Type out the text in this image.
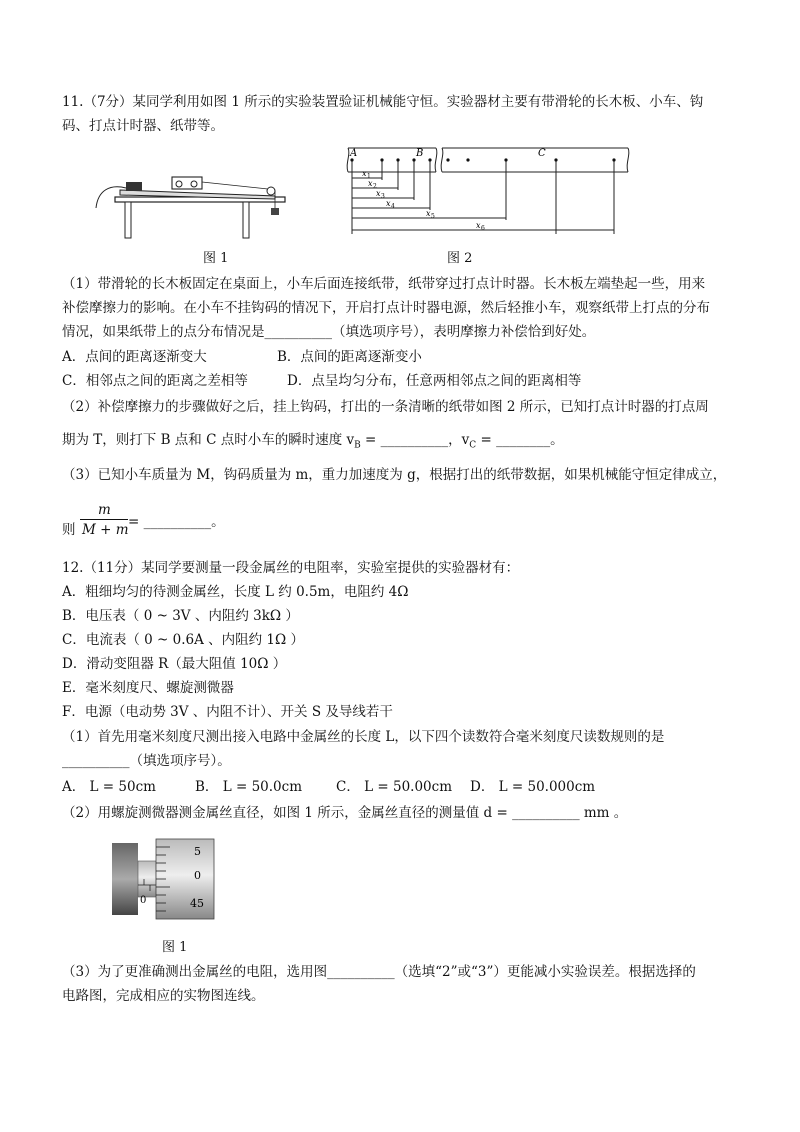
11.（7分）某同学利用如图 1 所示的实验装置验证机械能守恒。实验器材主要有带滑轮的长木板、小车、钩
码、打点计时器、纸带等。
图 1
A	B	C
x 1
x 2
x 3
x 4
x 5
x 6
图 2
（1）带滑轮的长木板固定在桌面上，小车后面连接纸带，纸带穿过打点计时器。长木板左端垫起一些，用来
补偿摩擦力的影响。在小车不挂钩码的情况下，开启打点计时器电源，然后轻推小车，观察纸带上打点的分布
情况，如果纸带上的点分布情况是__________（填选项序号），表明摩擦力补偿恰到好处。
A．点间的距离逐渐变大	B．点间的距离逐渐变小
C．相邻点之间的距离之差相等	D．点呈均匀分布，任意两相邻点之间的距离相等
（2）补偿摩擦力的步骤做好之后，挂上钩码，打出的一条清晰的纸带如图 2 所示，已知打点计时器的打点周
期为 T，则打下 B 点和 C 点时小车的瞬时速度 $v_B$ = __________，$v_C$ = ________。
（3）已知小车质量为 M，钩码质量为 m，重力加速度为 g，根据打出的纸带数据，如果机械能守恒定律成立，
则
m
M + m = __________。
12.（11分）某同学要测量一段金属丝的电阻率，实验室提供的实验器材有：
A．粗细均匀的待测金属丝，长度 L 约 0.5m，电阻约 4Ω
B．电压表（ 0 ~ 3V 、内阻约 3kΩ ）
C．电流表（ 0 ~ 0.6A 、内阻约 1Ω ）
D．滑动变阻器 R（最大阻值 10Ω ）
E．毫米刻度尺、螺旋测微器
F．电源（电动势 3V 、内阻不计）、开关 S 及导线若干
（1）首先用毫米刻度尺测出接入电路中金属丝的长度 L，以下四个读数符合毫米刻度尺读数规则的是
__________（填选项序号）。
A． L = 50cm	B． L = 50.0cm	C． L = 50.00cm D． L = 50.000cm
（2）用螺旋测微器测金属丝直径，如图 1 所示，金属丝直径的测量值 d = __________ mm 。
5
0
45
0
图 1
（3）为了更准确测出金属丝的电阻，选用图__________（选填“2”或“3”）更能减小实验误差。根据选择的
电路图，完成相应的实物图连线。
